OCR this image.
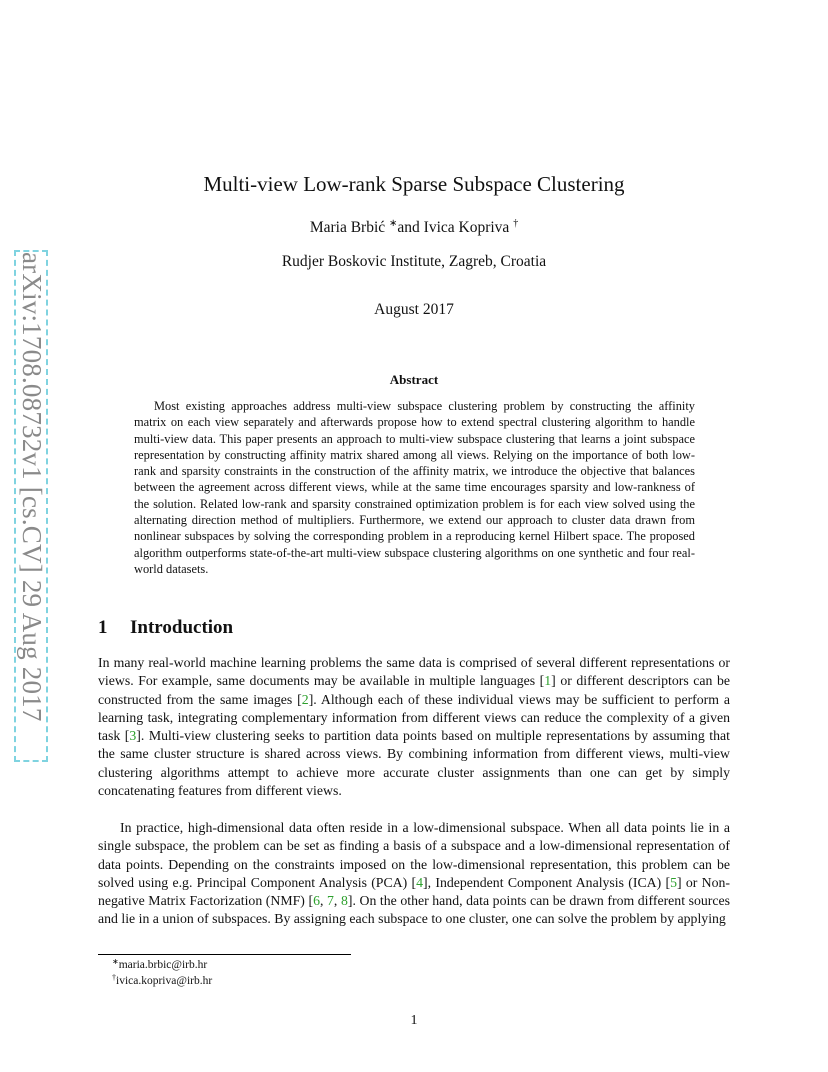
arXiv:1708.08732v1 [cs.CV] 29 Aug 2017
Multi-view Low-rank Sparse Subspace Clustering
Maria Brbić ∗and Ivica Kopriva †
Rudjer Boskovic Institute, Zagreb, Croatia
August 2017
Abstract
Most existing approaches address multi-view subspace clustering problem by constructing the affinity matrix on each view separately and afterwards propose how to extend spectral clustering algorithm to handle multi-view data. This paper presents an approach to multi-view subspace clustering that learns a joint subspace representation by constructing affinity matrix shared among all views. Relying on the importance of both low-rank and sparsity constraints in the construction of the affinity matrix, we introduce the objective that balances between the agreement across different views, while at the same time encourages sparsity and low-rankness of the solution. Related low-rank and sparsity constrained optimization problem is for each view solved using the alternating direction method of multipliers. Furthermore, we extend our approach to cluster data drawn from nonlinear subspaces by solving the corresponding problem in a reproducing kernel Hilbert space. The proposed algorithm outperforms state-of-the-art multi-view subspace clustering algorithms on one synthetic and four real-world datasets.
1 Introduction
In many real-world machine learning problems the same data is comprised of several different representations or views. For example, same documents may be available in multiple languages [1] or different descriptors can be constructed from the same images [2]. Although each of these individual views may be sufficient to perform a learning task, integrating complementary information from different views can reduce the complexity of a given task [3]. Multi-view clustering seeks to partition data points based on multiple representations by assuming that the same cluster structure is shared across views. By combining information from different views, multi-view clustering algorithms attempt to achieve more accurate cluster assignments than one can get by simply concatenating features from different views.
In practice, high-dimensional data often reside in a low-dimensional subspace. When all data points lie in a single subspace, the problem can be set as finding a basis of a subspace and a low-dimensional representation of data points. Depending on the constraints imposed on the low-dimensional representation, this problem can be solved using e.g. Principal Component Analysis (PCA) [4], Independent Component Analysis (ICA) [5] or Non-negative Matrix Factorization (NMF) [6, 7, 8]. On the other hand, data points can be drawn from different sources and lie in a union of subspaces. By assigning each subspace to one cluster, one can solve the problem by applying
∗maria.brbic@irb.hr
†ivica.kopriva@irb.hr
1
